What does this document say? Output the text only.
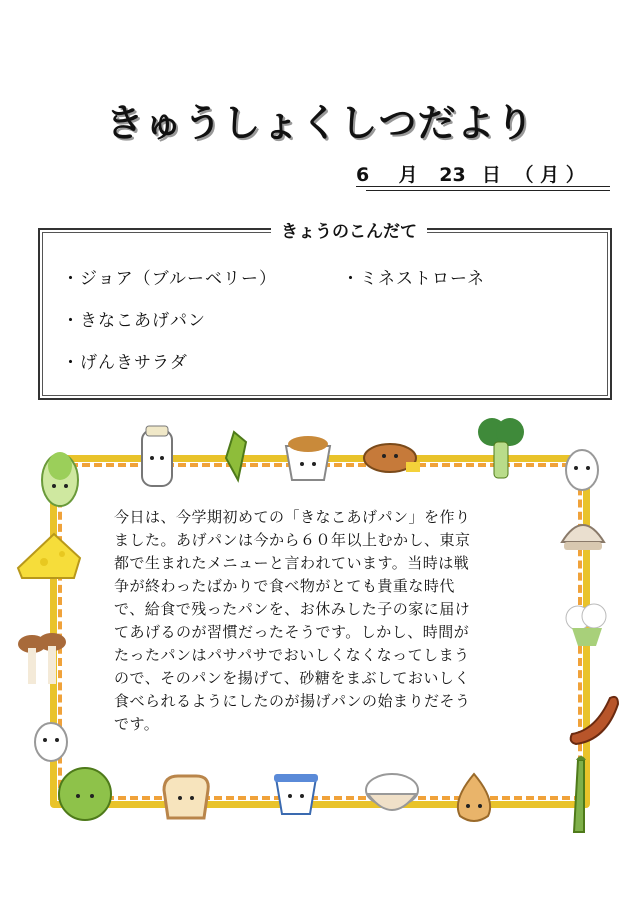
きゅうしょくしつだより
6 月 23 日 （ 月 ）
きょうのこんだて
・ジョア（ブルーベリー）
・きなこあげパン
・げんきサラダ
・ミネストローネ
今日は、今学期初めての「きなこあげパン」を作り
ました。あげパンは今から６０年以上むかし、東京
都で生まれたメニューと言われています。当時は戦
争が終わったばかりで食べ物がとても貴重な時代
で、給食で残ったパンを、お休みした子の家に届け
てあげるのが習慣だったそうです。しかし、時間が
たったパンはパサパサでおいしくなくなってしまう
ので、そのパンを揚げて、砂糖をまぶしておいしく
食べられるようにしたのが揚げパンの始まりだそう
です。
